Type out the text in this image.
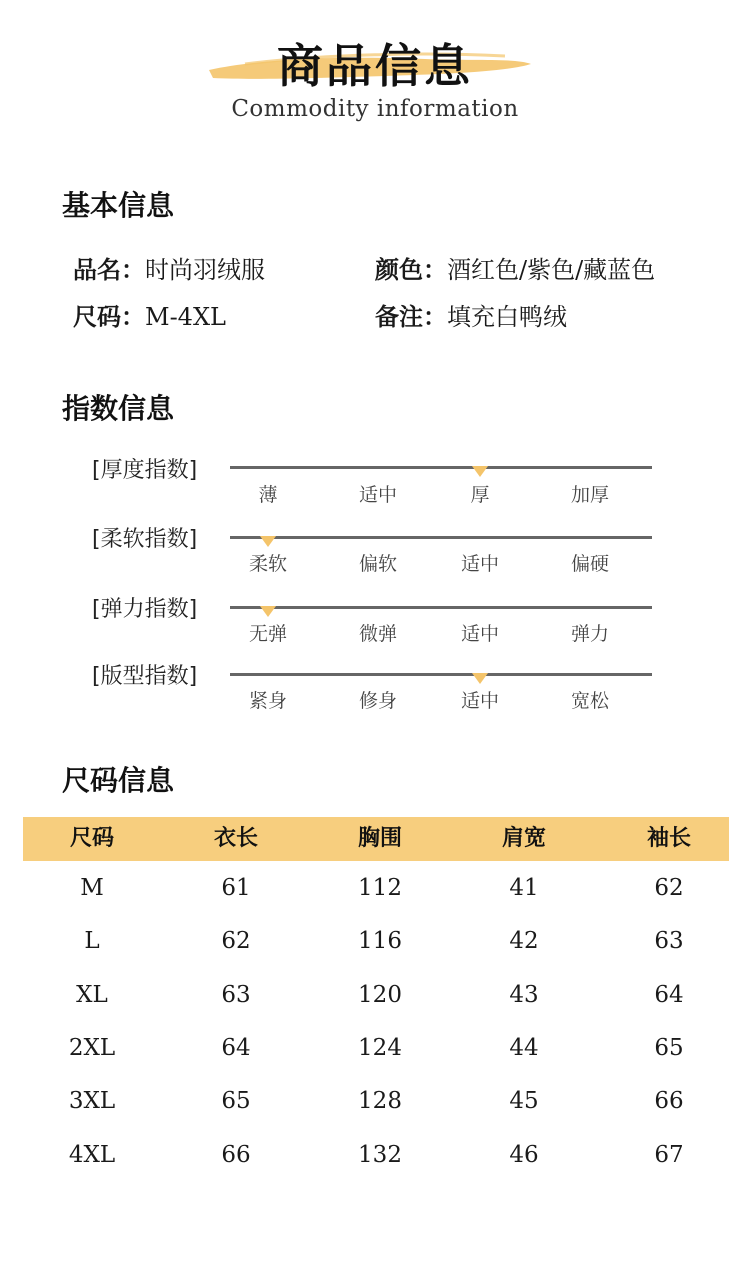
商品信息
Commodity information
基本信息
品名：时尚羽绒服	颜色：酒红色/紫色/藏蓝色
尺码：M-4XL	备注：填充白鸭绒
指数信息
[厚度指数]
薄	适中	厚	加厚
[柔软指数]
柔软	偏软	适中	偏硬
[弹力指数]
无弹	微弹	适中	弹力
[版型指数]
紧身	修身	适中	宽松
尺码信息
尺码	衣长	胸围	肩宽	袖长
M	61	112	41	62
L	62	116	42	63
XL	63	120	43	64
2XL	64	124	44	65
3XL	65	128	45	66
4XL	66	132	46	67
